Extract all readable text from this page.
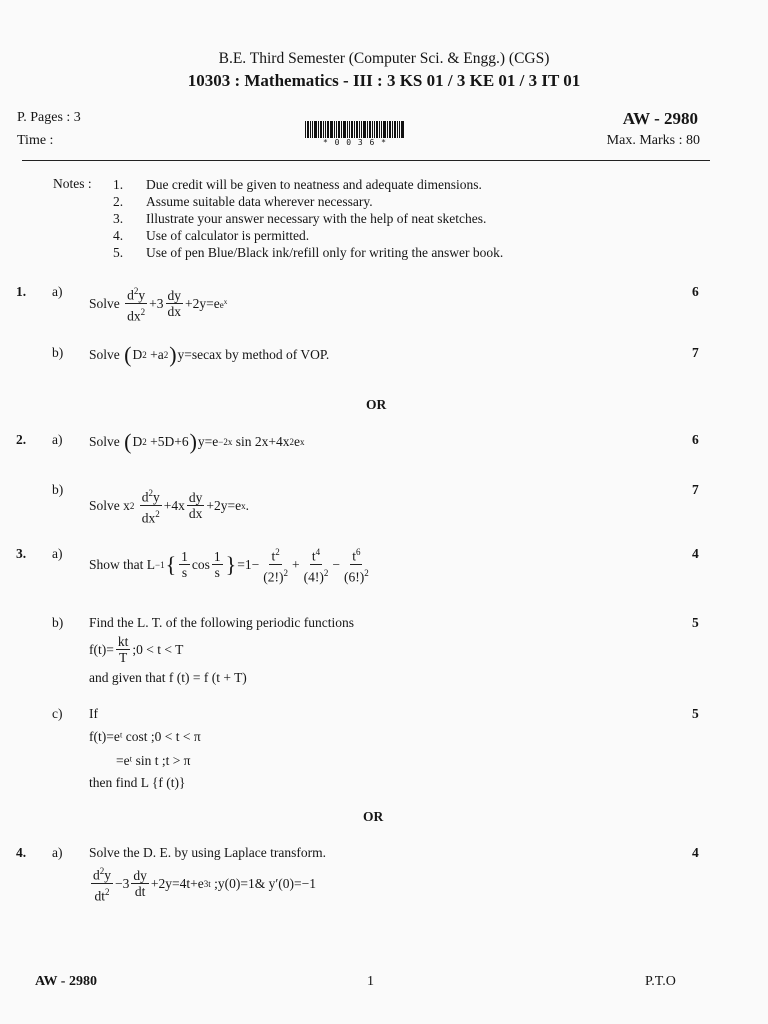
B.E. Third Semester (Computer Sci. & Engg.) (CGS)
10303 : Mathematics - III : 3 KS 01 / 3 KE 01 / 3 IT 01
P. Pages : 3
Time :	* 0 0 3 6 *
AW - 2980
Max. Marks : 80
Notes : 1.	Due credit will be given to neatness and adequate dimensions.
2.	Assume suitable data wherever necessary.
3.	Illustrate your answer necessary with the help of neat sketches.
4.	Use of calculator is permitted.
5.	Use of pen Blue/Black ink/refill only for writing the answer book.
1. a)	6
Solve
$\frac{d^2y}{dx^2} +3 \frac{dy}{dx} +2y=e$ $e^x$
b)	7
Solve
( D 2 +a 2 ) y=secax by method of VOP.
OR
2. a)	6
Solve
( D 2 +5D+6 ) y=e −2x sin 2x+4x 2 e x
b)	7
Solve x 2
$\frac{d^2y}{dx^2} +4x \frac{dy}{dx} +2y=e$ x .
3. a)	4
Show that L −1 { $\frac{1}{s}$ $\cos \frac{1}{s}$ } $=1- \frac{t^2}{(2!)^2} + \frac{t^4}{(4!)^2} - \frac{t^6}{(6!)^2}$
b)	5
Find the L. T. of the following periodic functions
$f(t)= \frac{kt}{T}$ ;0 < t < T
and given that f (t) = f (t + T)
c)	5
If
f(t)=eᵗ cost ;0 < t < π
=eᵗ sin t ;t > π
then find L {f (t)}
OR
4. a)	4
Solve the D. E. by using Laplace transform.
$\frac{d^2y}{dt^2} -3 \frac{dy}{dt} +2y=4t+e$ 3t
;y(0)=1& y′(0)=−1
AW - 2980	1	P.T.O
